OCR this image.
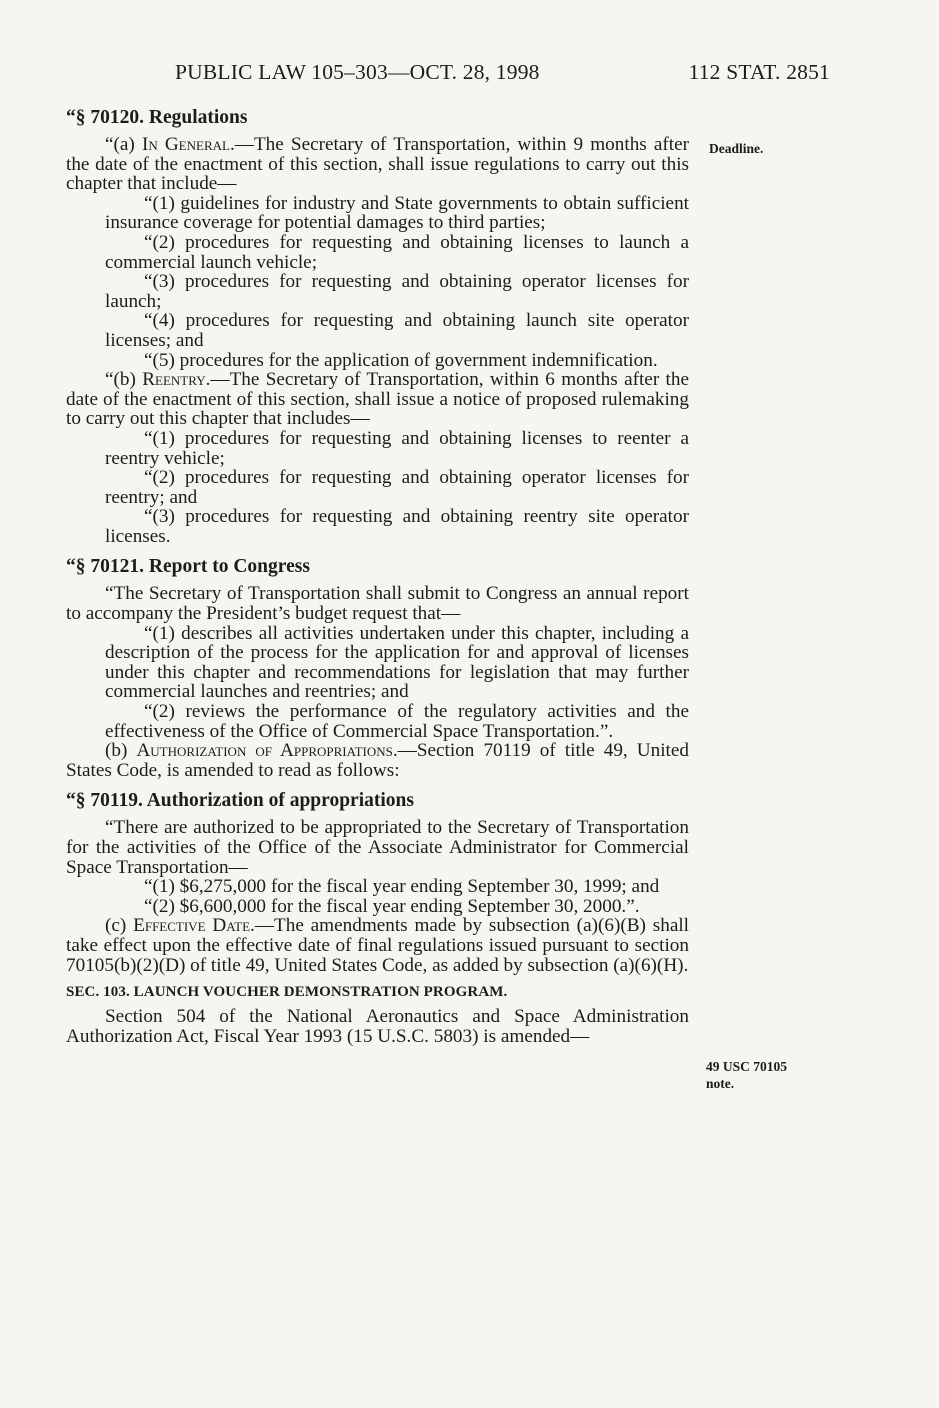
PUBLIC LAW 105–303—OCT. 28, 1998	112 STAT. 2851
Deadline.
49 USC 70105
note.
“§ 70120. Regulations

“(a) In General.—The Secretary of Transportation, within 9 months after the date of the enactment of this section, shall issue regulations to carry out this chapter that include—

“(1) guidelines for industry and State governments to obtain sufficient insurance coverage for potential damages to third parties;

“(2) procedures for requesting and obtaining licenses to launch a commercial launch vehicle;

“(3) procedures for requesting and obtaining operator licenses for launch;

“(4) procedures for requesting and obtaining launch site operator licenses; and

“(5) procedures for the application of government indemnification.

“(b) Reentry.—The Secretary of Transportation, within 6 months after the date of the enactment of this section, shall issue a notice of proposed rulemaking to carry out this chapter that includes—

“(1) procedures for requesting and obtaining licenses to reenter a reentry vehicle;

“(2) procedures for requesting and obtaining operator licenses for reentry; and

“(3) procedures for requesting and obtaining reentry site operator licenses.

“§ 70121. Report to Congress

“The Secretary of Transportation shall submit to Congress an annual report to accompany the President’s budget request that—

“(1) describes all activities undertaken under this chapter, including a description of the process for the application for and approval of licenses under this chapter and recommendations for legislation that may further commercial launches and reentries; and

“(2) reviews the performance of the regulatory activities and the effectiveness of the Office of Commercial Space Transportation.”.

(b) Authorization of Appropriations.—Section 70119 of title 49, United States Code, is amended to read as follows:

“§ 70119. Authorization of appropriations

“There are authorized to be appropriated to the Secretary of Transportation for the activities of the Office of the Associate Administrator for Commercial Space Transportation—

“(1) $6,275,000 for the fiscal year ending September 30, 1999; and

“(2) $6,600,000 for the fiscal year ending September 30, 2000.”.

(c) Effective Date.—The amendments made by subsection (a)(6)(B) shall take effect upon the effective date of final regulations issued pursuant to section 70105(b)(2)(D) of title 49, United States Code, as added by subsection (a)(6)(H).

SEC. 103. LAUNCH VOUCHER DEMONSTRATION PROGRAM.

Section 504 of the National Aeronautics and Space Administration Authorization Act, Fiscal Year 1993 (15 U.S.C. 5803) is amended—
